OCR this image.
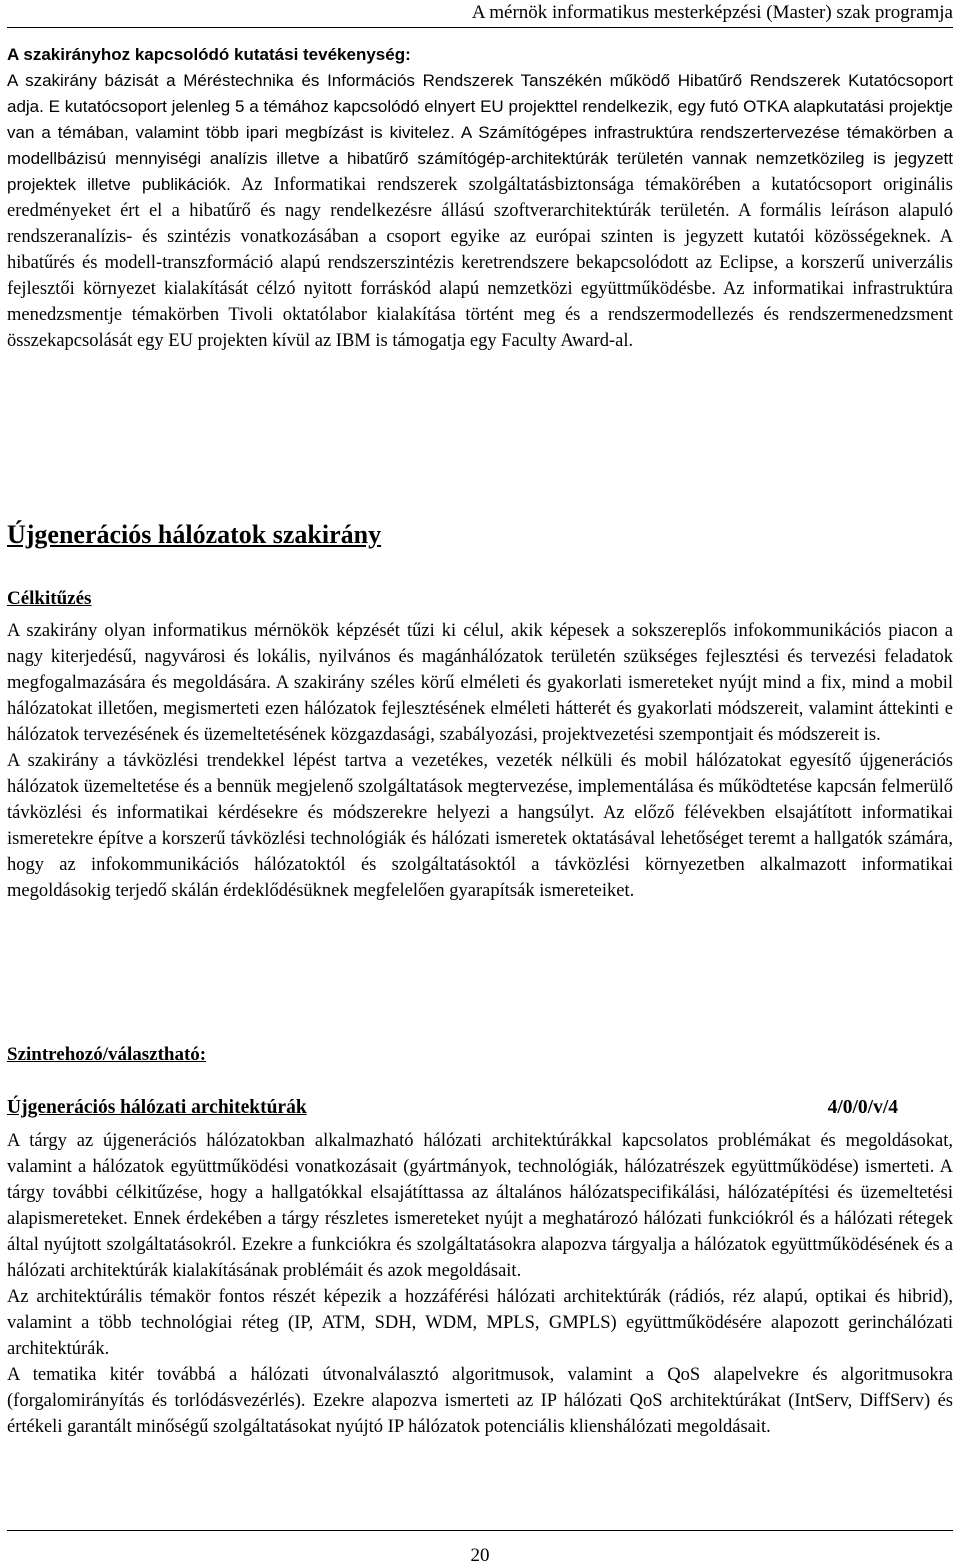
A mérnök informatikus mesterképzési (Master) szak programja

A szakirányhoz kapcsolódó kutatási tevékenység:

A szakirány bázisát a Méréstechnika és Információs Rendszerek Tanszékén működő Hibatűrő Rendszerek Kutatócsoport adja. E kutatócsoport jelenleg 5 a témához kapcsolódó elnyert EU projekttel rendelkezik, egy futó OTKA alapkutatási projektje van a témában, valamint több ipari megbízást is kivitelez. A Számítógépes infrastruktúra rendszertervezése témakörben a modellbázisú mennyiségi analízis illetve a hibatűrő számítógép-architektúrák területén vannak nemzetközileg is jegyzett projektek illetve publikációk. Az Informatikai rendszerek szolgáltatásbiztonsága témakörében a kutatócsoport originális eredményeket ért el a hibatűrő és nagy rendelkezésre állású szoftverarchitektúrák területén. A formális leíráson alapuló rendszeranalízis- és szintézis vonatkozásában a csoport egyike az európai szinten is jegyzett kutatói közösségeknek. A hibatűrés és modell-transzformáció alapú rendszerszintézis keretrendszere bekapcsolódott az Eclipse, a korszerű univerzális fejlesztői környezet kialakítását célzó nyitott forráskód alapú nemzetközi együttműködésbe. Az informatikai infrastruktúra menedzsmentje témakörben Tivoli oktatólabor kialakítása történt meg és a rendszermodellezés és rendszermenedzsment összekapcsolását egy EU projekten kívül az IBM is támogatja egy Faculty Award-al.

Újgenerációs hálózatok szakirány
Célkitűzés

A szakirány olyan informatikus mérnökök képzését tűzi ki célul, akik képesek a sokszereplős infokommunikációs piacon a nagy kiterjedésű, nagyvárosi és lokális, nyilvános és magánhálózatok területén szükséges fejlesztési és tervezési feladatok megfogalmazására és megoldására. A szakirány széles körű elméleti és gyakorlati ismereteket nyújt mind a fix, mind a mobil hálózatokat illetően, megismerteti ezen hálózatok fejlesztésének elméleti hátterét és gyakorlati módszereit, valamint áttekinti e hálózatok tervezésének és üzemeltetésének közgazdasági, szabályozási, projektvezetési szempontjait és módszereit is.

A szakirány a távközlési trendekkel lépést tartva a vezetékes, vezeték nélküli és mobil hálózatokat egyesítő újgenerációs hálózatok üzemeltetése és a bennük megjelenő szolgáltatások megtervezése, implementálása és működtetése kapcsán felmerülő távközlési és informatikai kérdésekre és módszerekre helyezi a hangsúlyt. Az előző félévekben elsajátított informatikai ismeretekre építve a korszerű távközlési technológiák és hálózati ismeretek oktatásával lehetőséget teremt a hallgatók számára, hogy az infokommunikációs hálózatoktól és szolgáltatásoktól a távközlési környezetben alkalmazott informatikai megoldásokig terjedő skálán érdeklődésüknek megfelelően gyarapítsák ismereteiket.

Szintrehozó/választható:
Újgenerációs hálózati architektúrák	4/0/0/v/4

A tárgy az újgenerációs hálózatokban alkalmazható hálózati architektúrákkal kapcsolatos problémákat és megoldásokat, valamint a hálózatok együttműködési vonatkozásait (gyártmányok, technológiák, hálózatrészek együttműködése) ismerteti. A tárgy további célkitűzése, hogy a hallgatókkal elsajátíttassa az általános hálózatspecifikálási, hálózatépítési és üzemeltetési alapismereteket. Ennek érdekében a tárgy részletes ismereteket nyújt a meghatározó hálózati funkciókról és a hálózati rétegek által nyújtott szolgáltatásokról. Ezekre a funkciókra és szolgáltatásokra alapozva tárgyalja a hálózatok együttműködésének és a hálózati architektúrák kialakításának problémáit és azok megoldásait.

Az architektúrális témakör fontos részét képezik a hozzáférési hálózati architektúrák (rádiós, réz alapú, optikai és hibrid), valamint a több technológiai réteg (IP, ATM, SDH, WDM, MPLS, GMPLS) együttműködésére alapozott gerinchálózati architektúrák.

A tematika kitér továbbá a hálózati útvonalválasztó algoritmusok, valamint a QoS alapelvekre és algoritmusokra (forgalomirányítás és torlódásvezérlés). Ezekre alapozva ismerteti az IP hálózati QoS architektúrákat (IntServ, DiffServ) és értékeli garantált minőségű szolgáltatásokat nyújtó IP hálózatok potenciális klienshálózati megoldásait.

20
